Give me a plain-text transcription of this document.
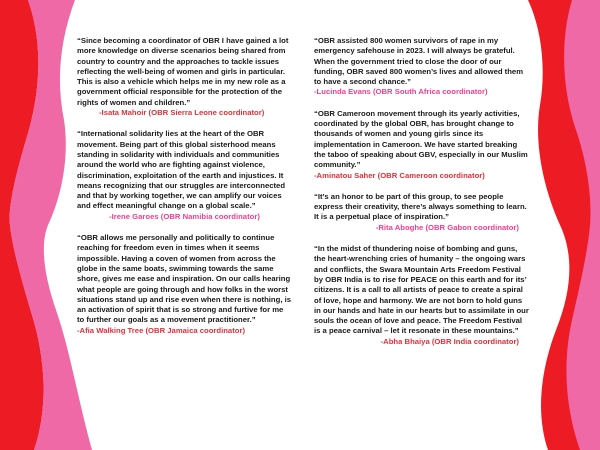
“Since becoming a coordinator of OBR I have gained a lot more knowledge on diverse scenarios being shared from country to country and the approaches to tackle issues reflecting the well-being of women and girls in particular. This is also a vehicle which helps me in my new role as a government official responsible for the protection of the rights of women and children.”

-Isata Mahoir (OBR Sierra Leone coordinator)

“International solidarity lies at the heart of the OBR movement. Being part of this global sisterhood means standing in solidarity with individuals and communities around the world who are fighting against violence, discrimination, exploitation of the earth and injustices. It means recognizing that our struggles are interconnected and that by working together, we can amplify our voices and effect meaningful change on a global scale.”

-Irene Garoes (OBR Namibia coordinator)

“OBR allows me personally and politically to continue reaching for freedom even in times when it seems impossible. Having a coven of women from across the globe in the same boats, swimming towards the same shore, gives me ease and inspiration. On our calls hearing what people are going through and how folks in the worst situations stand up and rise even when there is nothing, is an activation of spirit that is so strong and furtive for me to further our goals as a movement practitioner.”

-Afia Walking Tree (OBR Jamaica coordinator)

“OBR assisted 800 women survivors of rape in my emergency safehouse in 2023. I will always be grateful. When the government tried to close the door of our funding, OBR saved 800 women’s lives and allowed them to have a second chance.”

-Lucinda Evans (OBR South Africa coordinator)

“OBR Cameroon movement through its yearly activities, coordinated by the global OBR, has brought change to thousands of women and young girls since its implementation in Cameroon. We have started breaking the taboo of speaking about GBV, especially in our Muslim community.”

-Aminatou Saher (OBR Cameroon coordinator)

“It’s an honor to be part of this group, to see people express their creativity, there’s always something to learn. It is a perpetual place of inspiration.”

-Rita Aboghe (OBR Gabon coordinator)

“In the midst of thundering noise of bombing and guns, the heart-wrenching cries of humanity – the ongoing wars and conflicts, the Swara Mountain Arts Freedom Festival by OBR India is to rise for PEACE on this earth and for its’ citizens. It is a call to all artists of peace to create a spiral of love, hope and harmony. We are not born to hold guns in our hands and hate in our hearts but to assimilate in our souls the ocean of love and peace. The Freedom Festival is a peace carnival – let it resonate in these mountains.”

-Abha Bhaiya (OBR India coordinator)
